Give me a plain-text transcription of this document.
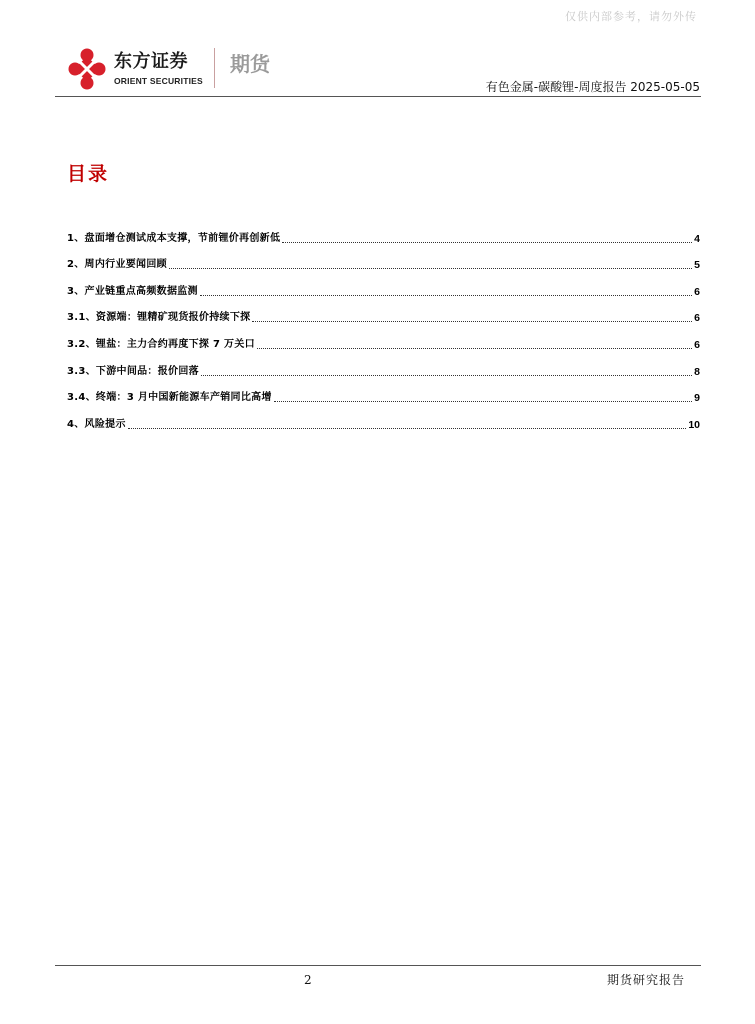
仅供内部参考，请勿外传
东方证券
ORIENT SECURITIES
期货
有色金属-碳酸锂-周度报告 2025-05-05
目录
1、盘面增仓测试成本支撑，节前锂价再创新低	4
2、周内行业要闻回顾	5
3、产业链重点高频数据监测	6
3.1、资源端：锂精矿现货报价持续下探	6
3.2、锂盐：主力合约再度下探 7 万关口	6
3.3、下游中间品：报价回落	8
3.4、终端：3 月中国新能源车产销同比高增	9
4、风险提示	10
2	期货研究报告
